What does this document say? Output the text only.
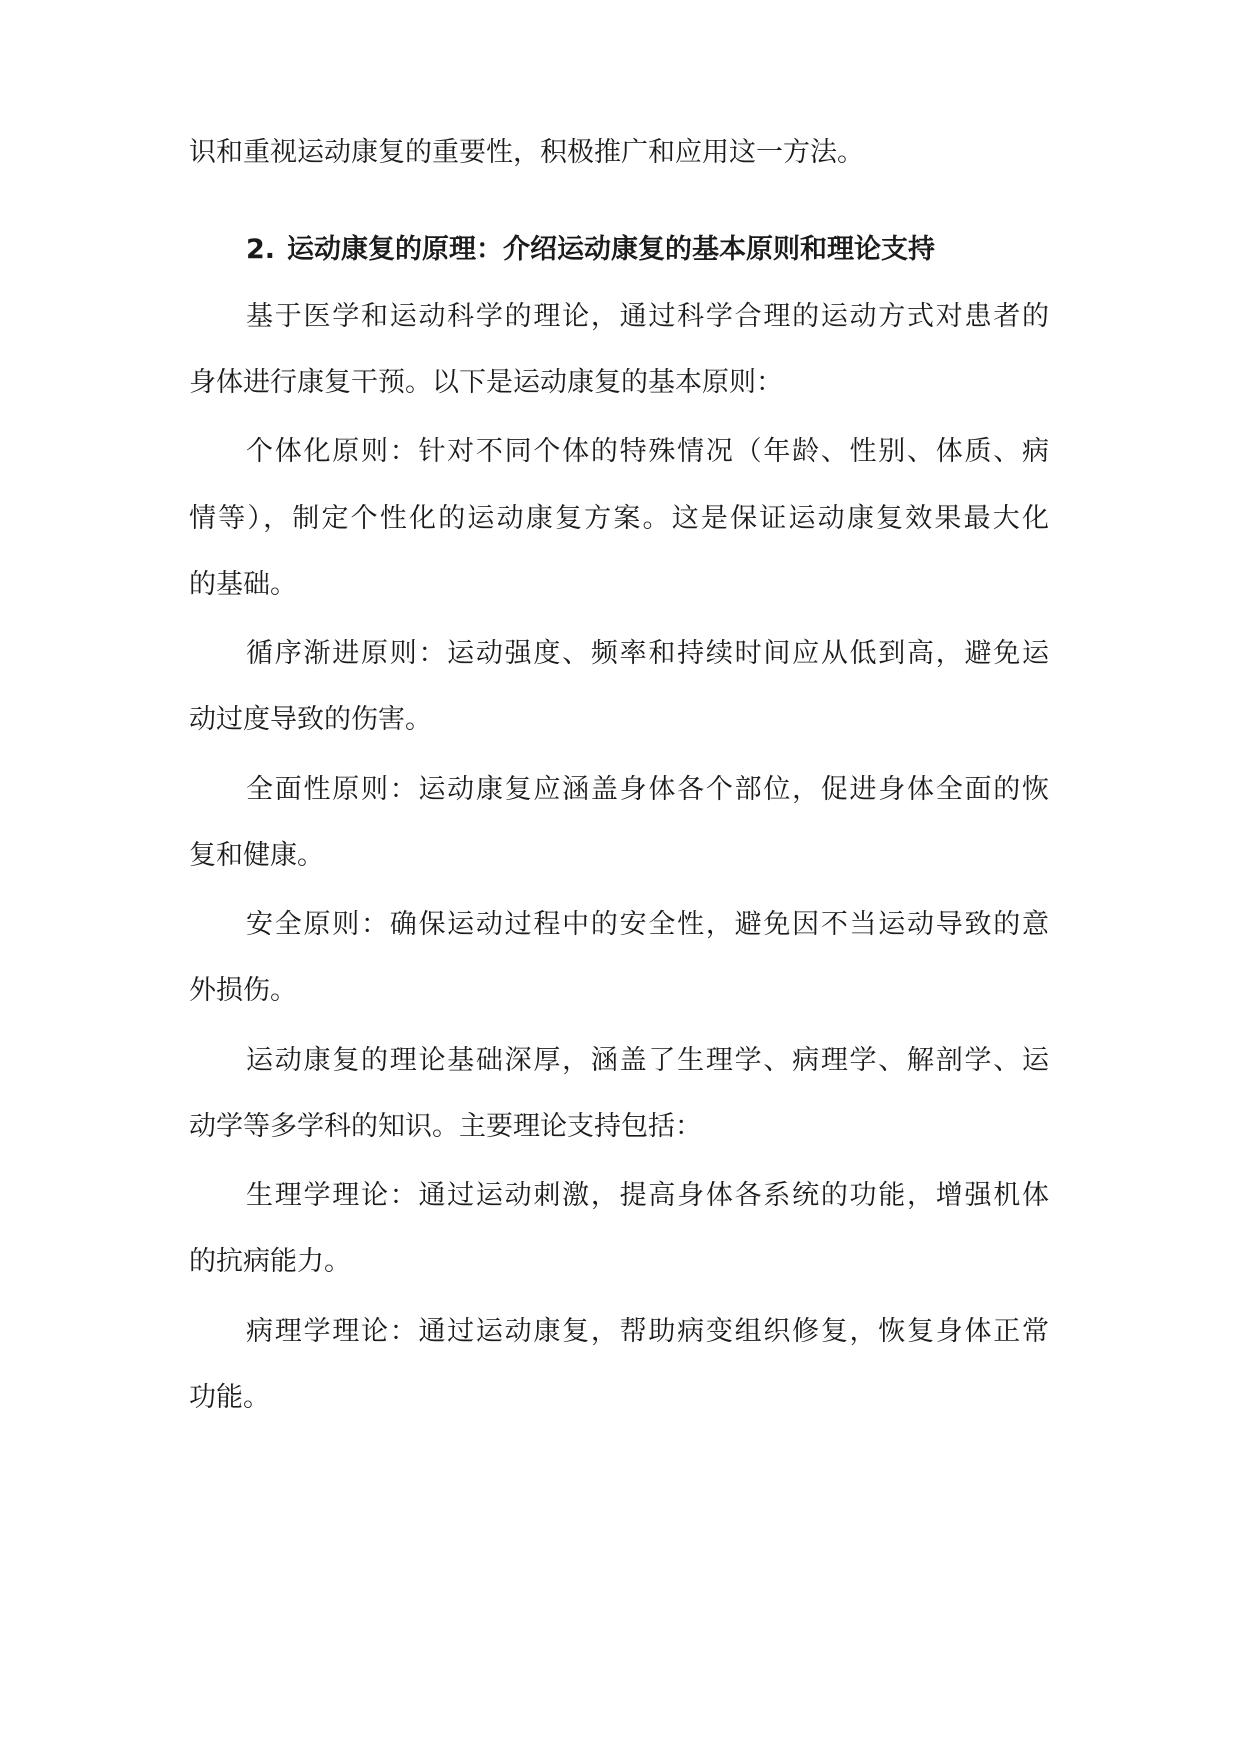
识和重视运动康复的重要性，积极推广和应用这一方法。
2. 运动康复的原理：介绍运动康复的基本原则和理论支持
基于医学和运动科学的理论，通过科学合理的运动方式对患者的
身体进行康复干预。以下是运动康复的基本原则：
个体化原则：针对不同个体的特殊情况（年龄、性别、体质、病
情等），制定个性化的运动康复方案。这是保证运动康复效果最大化
的基础。
循序渐进原则：运动强度、频率和持续时间应从低到高，避免运
动过度导致的伤害。
全面性原则：运动康复应涵盖身体各个部位，促进身体全面的恢
复和健康。
安全原则：确保运动过程中的安全性，避免因不当运动导致的意
外损伤。
运动康复的理论基础深厚，涵盖了生理学、病理学、解剖学、运
动学等多学科的知识。主要理论支持包括：
生理学理论：通过运动刺激，提高身体各系统的功能，增强机体
的抗病能力。
病理学理论：通过运动康复，帮助病变组织修复，恢复身体正常
功能。
